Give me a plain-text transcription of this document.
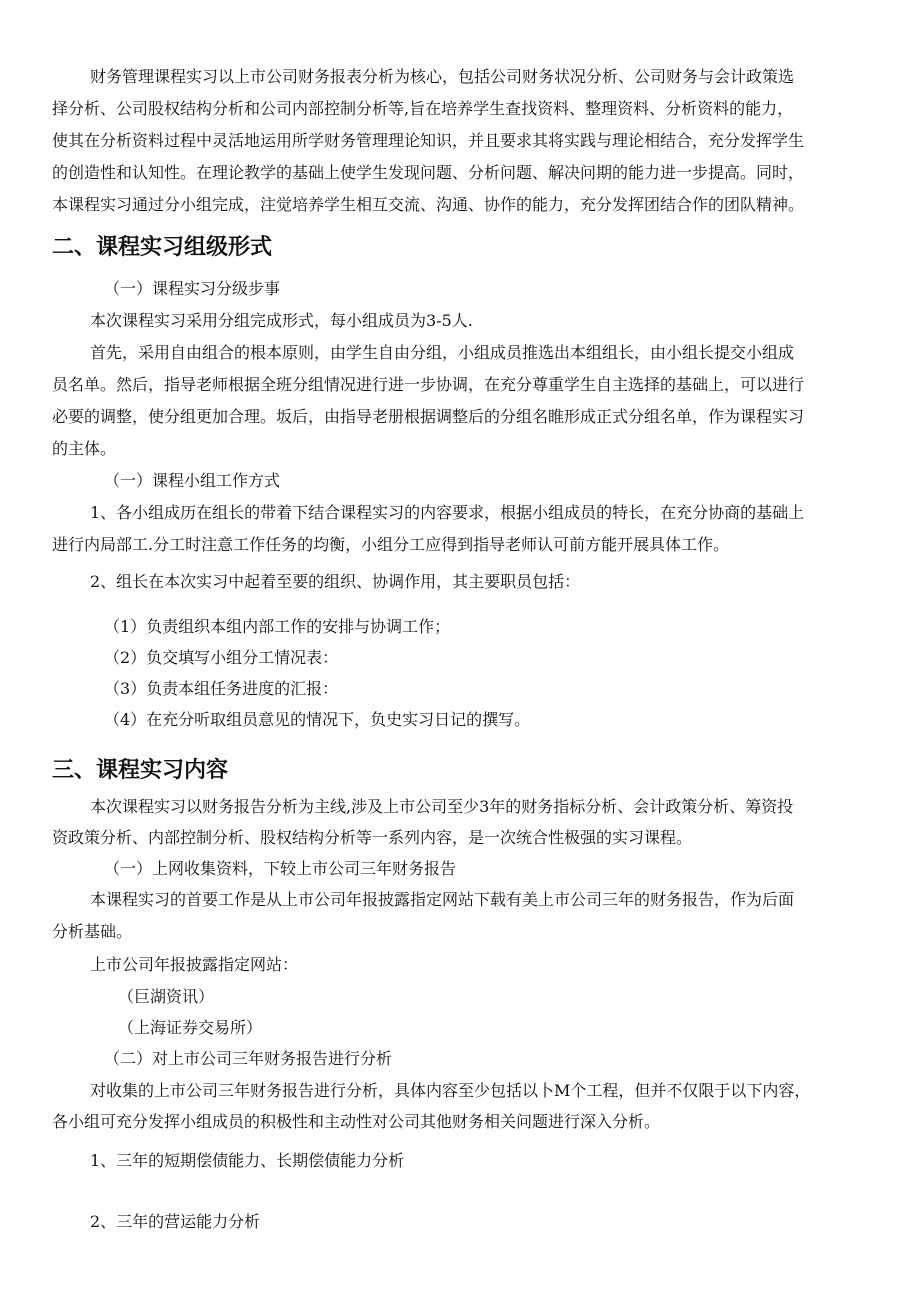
财务管理课程实习以上市公司财务报表分析为核心，包括公司财务状况分析、公司财务与会计政策选

择分析、公司股权结构分析和公司内部控制分析等,旨在培养学生查找资料、整理资料、分析资料的能力，

使其在分析资料过程中灵活地运用所学财务管理理论知识，并且要求其将实践与理论相结合，充分发挥学生

的创造性和认知性。在理论教学的基础上使学生发现问题、分析问题、解决问期的能力进一步提高。同时，

本课程实习通过分小组完成，注觉培养学生相互交流、沟通、协作的能力，充分发挥团结合作的团队精神。

二、课程实习组级形式

（一）课程实习分级步事

本次课程实习采用分组完成形式，每小组成员为3-5人.

首先，采用自由组合的根本原则，由学生自由分组，小组成员推选出本组组长，由小组长提交小组成

员名单。然后，指导老师根据全班分组情况进行进一步协调，在充分尊重学生自主选择的基础上，可以进行

必要的调整，使分组更加合理。坂后，由指导老册根据调整后的分组名睢形成正式分组名单，作为课程实习

的主体。

（一）课程小组工作方式

1、各小组成历在组长的带着下结合课程实习的内容要求，根据小组成员的特长，在充分协商的基础上

进行内局部工.分工时注意工作任务的均衡，小组分工应得到指导老师认可前方能开展具体工作。

2、组长在本次实习中起着至要的组织、协调作用，其主要职员包括：

（1）负责组织本组内部工作的安排与协调工作；

（2）负交填写小组分工情况表：

（3）负责本组任务进度的汇报：

（4）在充分听取组员意见的情况下，负史实习日记的撰写。

三、课程实习内容

本次课程实习以财务报告分析为主线,涉及上市公司至少3年的财务指标分析、会计政策分析、筹资投

资政策分析、内部控制分析、股权结构分析等一系列内容，是一次统合性极强的实习课程。

（一）上网收集资料，下较上市公司三年财务报告

本课程实习的首要工作是从上市公司年报披露指定网站下载有美上市公司三年的财务报告，作为后面

分析基础。

上市公司年报披露指定网站：

（巨湖资讯）

（上海证券交易所）

（二）对上市公司三年财务报告进行分析

对收集的上市公司三年财务报告进行分析，具体内容至少包括以卜M个工程，但并不仅限于以下内容，

各小组可充分发挥小组成员的积极性和主动性对公司其他财务相关问题进行深入分析。

1、三年的短期偿债能力、长期偿债能力分析

2、三年的营运能力分析
